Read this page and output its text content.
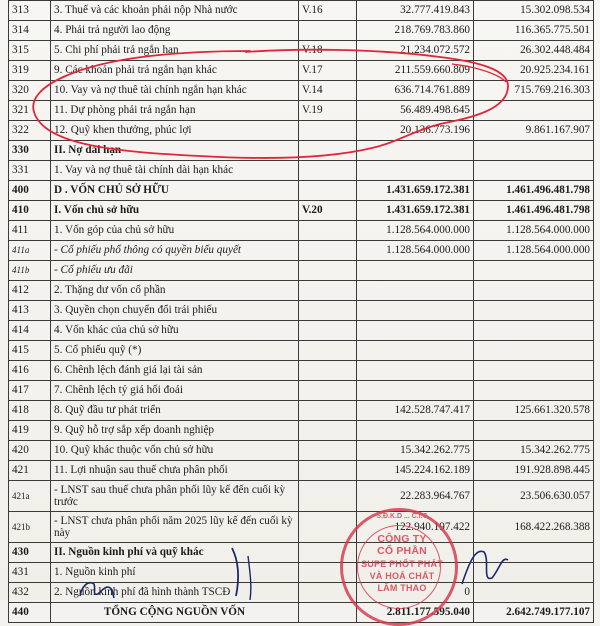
313	3. Thuế và các khoản phải nộp Nhà nước	V.16	32.777.419.843	15.302.098.534
314	4. Phải trả người lao động		218.769.783.860	116.365.775.501
315	5. Chi phí phải trả ngắn hạn	V.18	21.234.072.572	26.302.448.484
319	9. Các khoản phải trả ngắn hạn khác	V.17	211.559.660.809	20.925.234.161
320	10. Vay và nợ thuê tài chính ngắn hạn khác	V.14	636.714.761.889	715.769.216.303
321	11. Dự phòng phải trả ngắn hạn	V.19	56.489.498.645	
322	12. Quỹ khen thưởng, phúc lợi		20.136.773.196	9.861.167.907
330	II. Nợ dài hạn			
331	1. Vay và nợ thuê tài chính dài hạn khác			
400	D . VỐN CHỦ SỞ HỮU		1.431.659.172.381	1.461.496.481.798
410	I. Vốn chủ sở hữu	V.20	1.431.659.172.381	1.461.496.481.798
411	1. Vốn góp của chủ sở hữu		1.128.564.000.000	1.128.564.000.000
411a	- Cổ phiếu phổ thông có quyền biểu quyết		1.128.564.000.000	1.128.564.000.000
411b	- Cổ phiếu ưu đãi			
412	2. Thặng dư vốn cổ phần			
413	3. Quyền chọn chuyển đổi trái phiếu			
414	4. Vốn khác của chủ sở hữu			
415	5. Cổ phiếu quỹ (*)			
416	6. Chênh lệch đánh giá lại tài sản			
417	7. Chênh lệch tỷ giá hối đoái			
418	8. Quỹ đầu tư phát triển		142.528.747.417	125.661.320.578
419	9. Quỹ hỗ trợ sắp xếp doanh nghiệp			
420	10. Quỹ khác thuộc vốn chủ sở hữu		15.342.262.775	15.342.262.775
421	11. Lợi nhuận sau thuế chưa phân phối		145.224.162.189	191.928.898.445
421a	- LNST sau thuế chưa phân phối lũy kế đến cuối kỳ trước		22.283.964.767	23.506.630.057
421b	- LNST chưa phân phối năm 2025 lũy kế đến cuối kỳ này		122.940.197.422	168.422.268.388
430	II. Nguồn kinh phí và quỹ khác			
431	1. Nguồn kinh phí			
432	2. Nguồn kinh phí đã hình thành TSCĐ		0	
440	TỔNG CỘNG NGUỒN VỐN		2.811.177.595.040	2.642.749.177.107
S.Đ.K.D ... C.I.C
CÔNG TY
CỔ PHẦN
SUPE PHỐT PHÁT
VÀ HOÁ CHẤT
LÂM THAO
